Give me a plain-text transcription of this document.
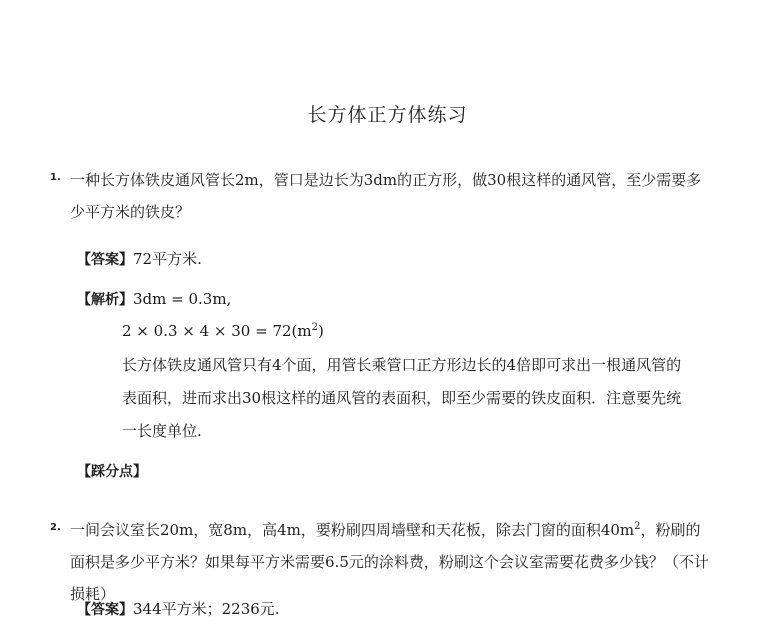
长方体正方体练习
1. 一种长方体铁皮通风管长2m，管口是边长为3dm的正方形，做30根这样的通风管，至少需要多少平方米的铁皮？
【答案】72平方米.
【解析】3dm = 0.3m,
$2 \times 0.3 \times 4 \times 30 = 72(m^2)$
长方体铁皮通风管只有4个面，用管长乘管口正方形边长的4倍即可求出一根通风管的表面积，进而求出30根这样的通风管的表面积，即至少需要的铁皮面积．注意要先统一长度单位.
【踩分点】
2. 一间会议室长20m，宽8m，高4m，要粉刷四周墙壁和天花板，除去门窗的面积$40m^2$，粉刷的面积是多少平方米？如果每平方米需要6.5元的涂料费，粉刷这个会议室需要花费多少钱？（不计损耗）
【答案】344平方米；2236元.
